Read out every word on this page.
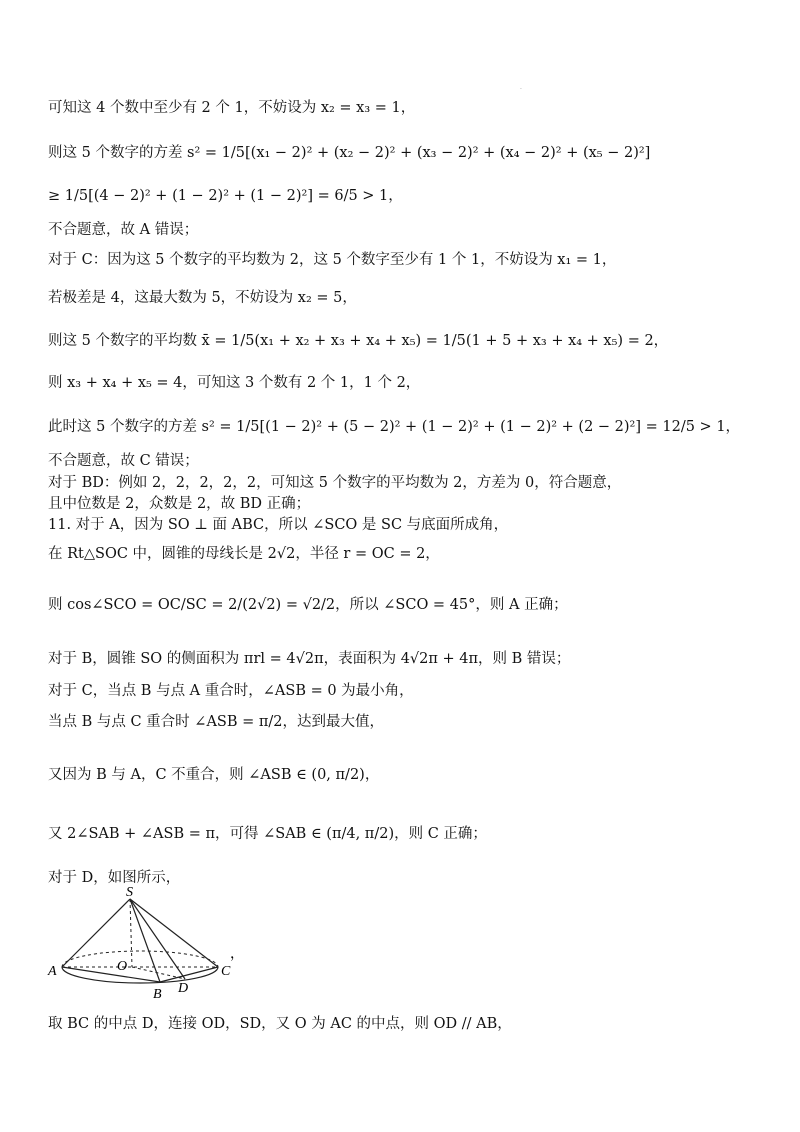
.
可知这 4 个数中至少有 2 个 1，不妨设为 x₂ = x₃ = 1，
则这 5 个数字的方差 s² = 1/5[(x₁ − 2)² + (x₂ − 2)² + (x₃ − 2)² + (x₄ − 2)² + (x₅ − 2)²]
≥ 1/5[(4 − 2)² + (1 − 2)² + (1 − 2)²] = 6/5 > 1，
不合题意，故 A 错误；
对于 C：因为这 5 个数字的平均数为 2，这 5 个数字至少有 1 个 1，不妨设为 x₁ = 1，
若极差是 4，这最大数为 5，不妨设为 x₂ = 5，
则这 5 个数字的平均数 x̄ = 1/5(x₁ + x₂ + x₃ + x₄ + x₅) = 1/5(1 + 5 + x₃ + x₄ + x₅) = 2，
则 x₃ + x₄ + x₅ = 4，可知这 3 个数有 2 个 1，1 个 2，
此时这 5 个数字的方差 s² = 1/5[(1 − 2)² + (5 − 2)² + (1 − 2)² + (1 − 2)² + (2 − 2)²] = 12/5 > 1，
不合题意，故 C 错误；
对于 BD：例如 2，2，2，2，2，可知这 5 个数字的平均数为 2，方差为 0，符合题意，
且中位数是 2，众数是 2，故 BD 正确；
11. 对于 A，因为 SO ⊥ 面 ABC，所以 ∠SCO 是 SC 与底面所成角，
在 Rt△SOC 中，圆锥的母线长是 2√2，半径 r = OC = 2，
则 cos∠SCO = OC/SC = 2/(2√2) = √2/2，所以 ∠SCO = 45°，则 A 正确；
对于 B，圆锥 SO 的侧面积为 πrl = 4√2π，表面积为 4√2π + 4π，则 B 错误；
对于 C，当点 B 与点 A 重合时，∠ASB = 0 为最小角，
当点 B 与点 C 重合时 ∠ASB = π/2，达到最大值，
又因为 B 与 A，C 不重合，则 ∠ASB ∈ (0, π/2)，
又 2∠SAB + ∠ASB = π，可得 ∠SAB ∈ (π/4, π/2)，则 C 正确；
对于 D，如图所示，
取 BC 的中点 D，连接 OD，SD，又 O 为 AC 的中点，则 OD // AB，
S
O
A	C
B D
，
